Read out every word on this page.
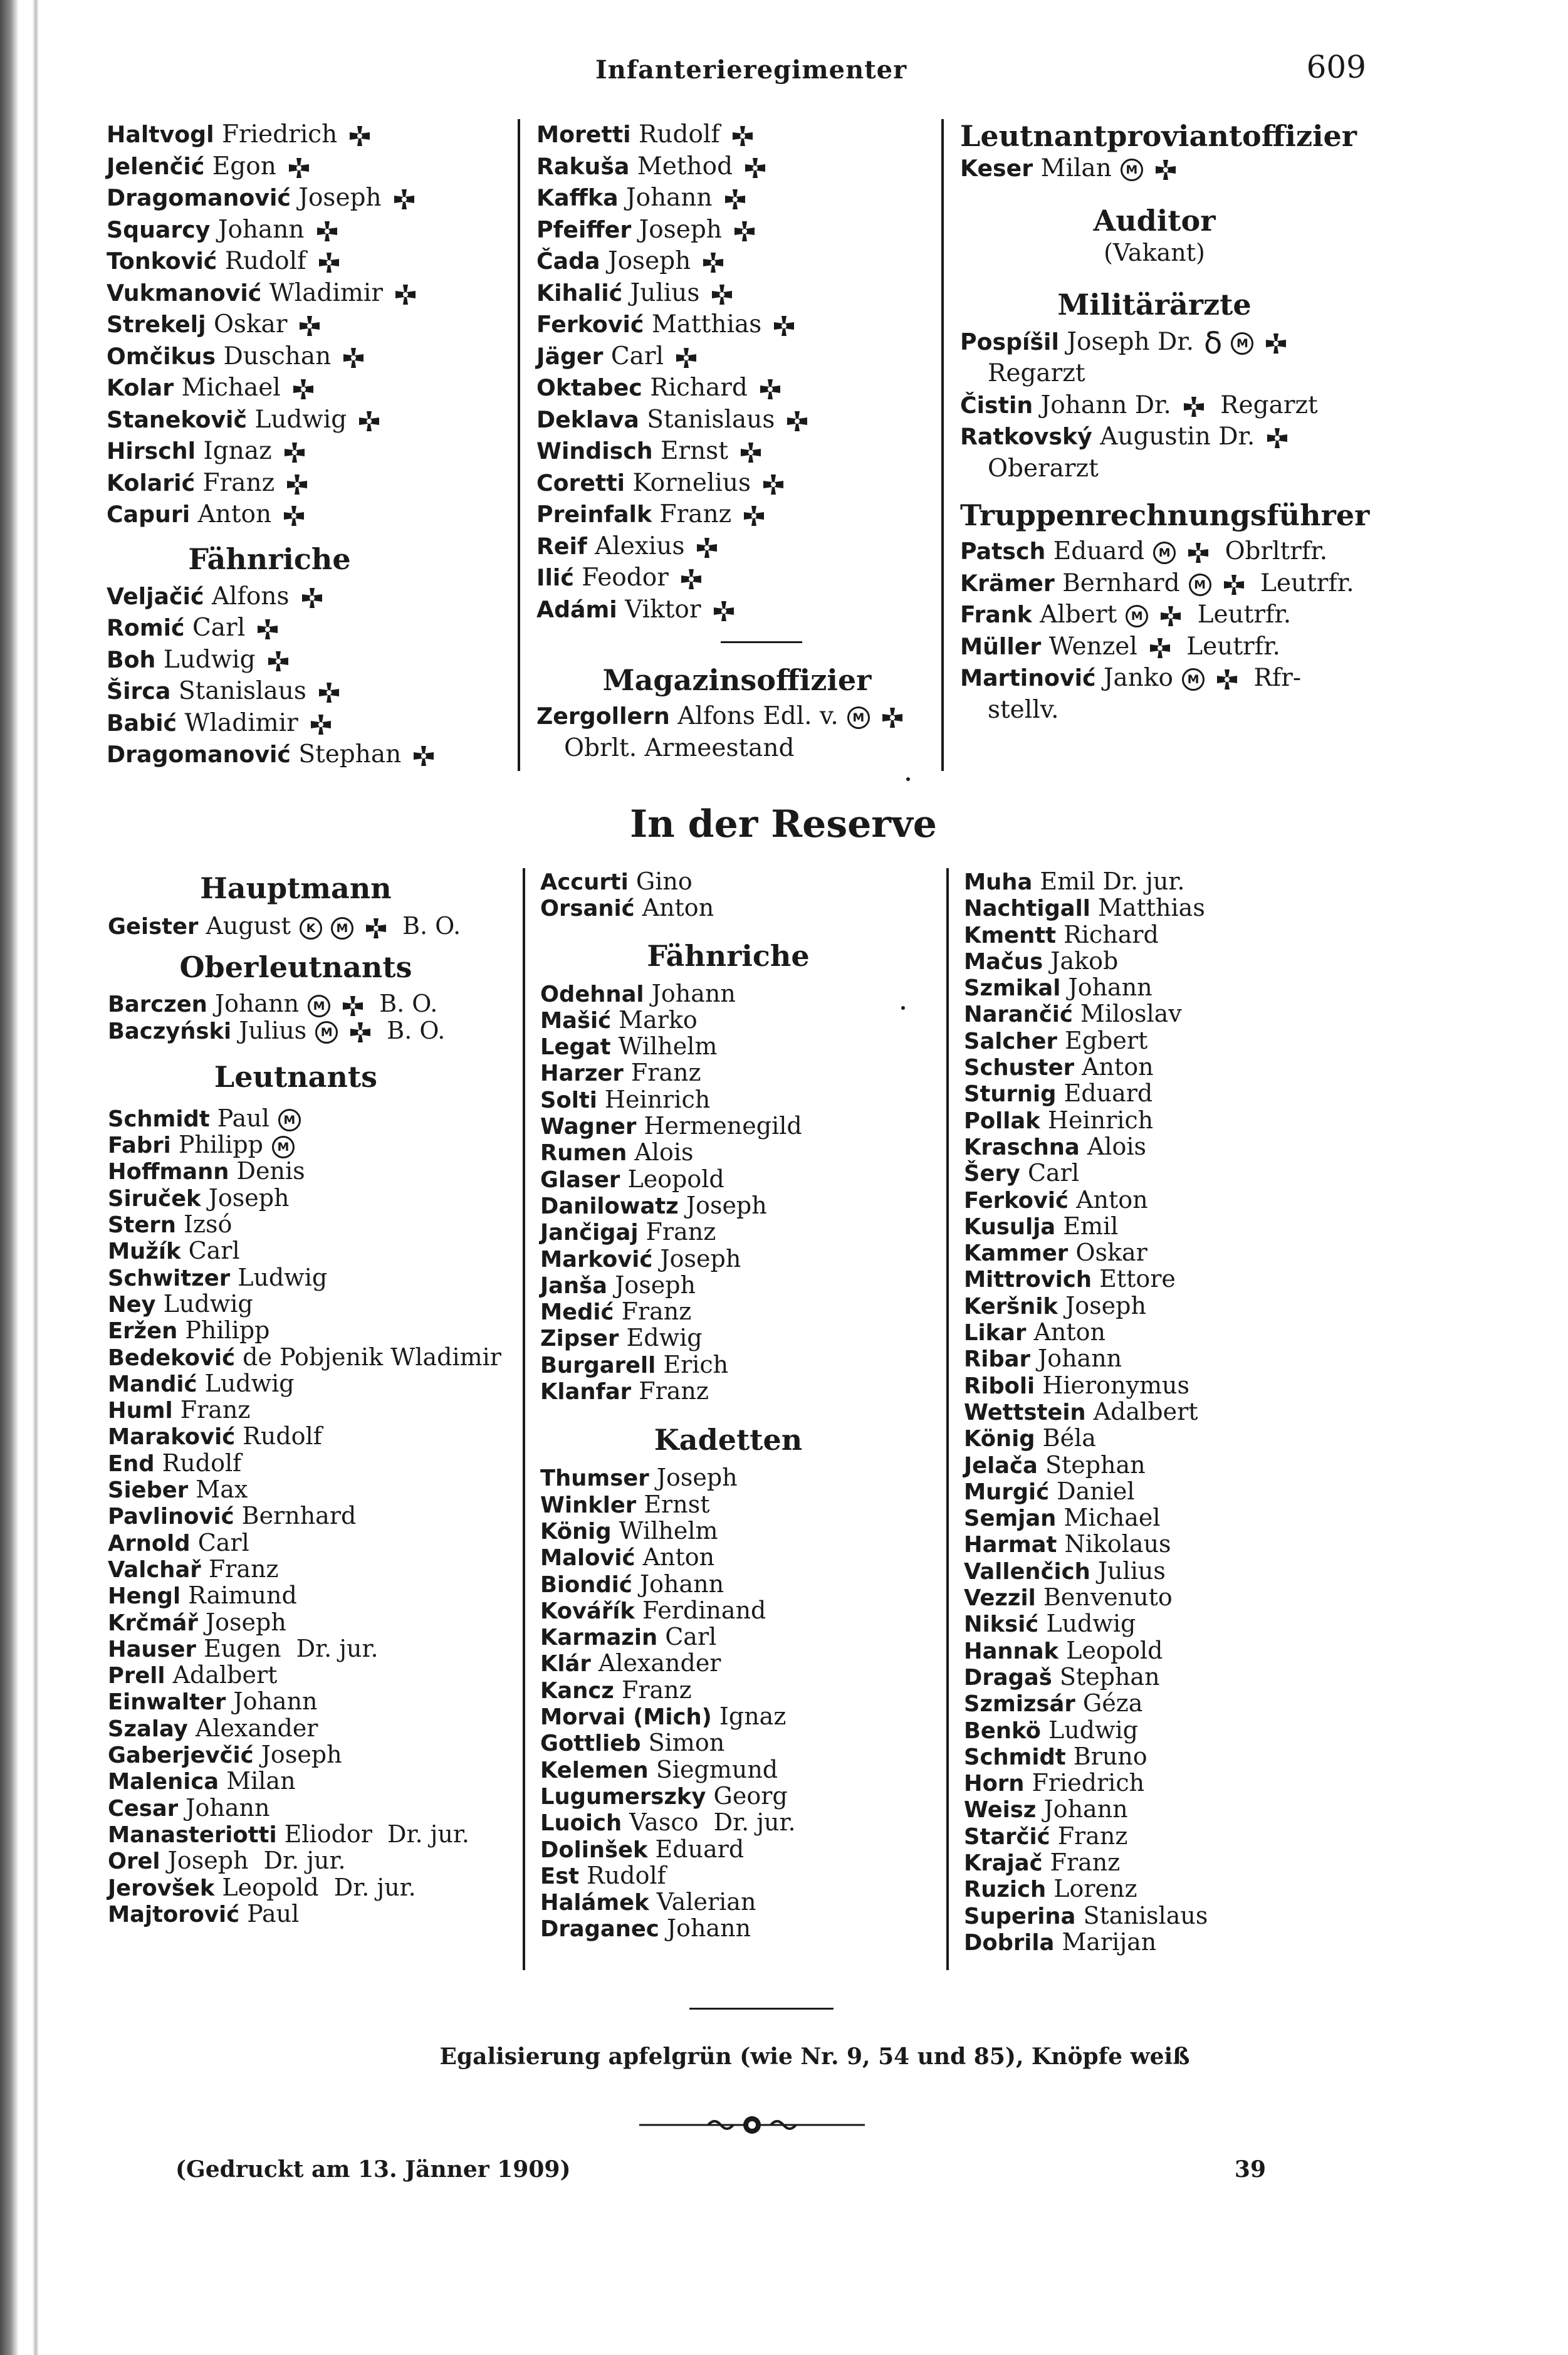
Infanterieregimenter	609
Haltvogl Friedrich
Jelenčić Egon
Dragomanović Joseph
Squarcy Johann
Tonković Rudolf
Vukmanović Wladimir
Strekelj Oskar
Omčikus Duschan
Kolar Michael
Stanekovič Ludwig
Hirschl Ignaz
Kolarić Franz
Capuri Anton
Fähnriche
Veljačić Alfons
Romić Carl
Boh Ludwig
Širca Stanislaus
Babić Wladimir
Dragomanović Stephan
Moretti Rudolf
Rakuša Method
Kaffka Johann
Pfeiffer Joseph
Čada Joseph
Kihalić Julius
Ferković Matthias
Jäger Carl
Oktabec Richard
Deklava Stanislaus
Windisch Ernst
Coretti Kornelius
Preinfalk Franz
Reif Alexius
Ilić Feodor
Adámi Viktor
Magazinsoffizier
Zergollern Alfons Edl. v. M
Obrlt. Armeestand
Leutnantproviantoffizier
Keser Milan M
Auditor
(Vakant)
Militärärzte
Pospíšil Joseph Dr. δ M
Regarzt
Čistin Johann Dr. Regarzt
Ratkovský Augustin Dr.
Oberarzt
Truppenrechnungsführer
Patsch Eduard M Obrltrfr.
Krämer Bernhard M Leutrfr.
Frank Albert M Leutrfr.
Müller Wenzel Leutrfr.
Martinović Janko M Rfr-
stellv.
In der Reserve
Hauptmann
Geister August K M B. O.
Oberleutnants
Barczen Johann M B. O.
Baczyński Julius M B. O.
Leutnants
Schmidt Paul M
Fabri Philipp M
Hoffmann Denis
Siruček Joseph
Stern Izsó
Mužík Carl
Schwitzer Ludwig
Ney Ludwig
Eržen Philipp
Bedeković de Pobjenik Wladimir
Mandić Ludwig
Huml Franz
Maraković Rudolf
End Rudolf
Sieber Max
Pavlinović Bernhard
Arnold Carl
Valchař Franz
Hengl Raimund
Krčmář Joseph
Hauser Eugen Dr. jur.
Prell Adalbert
Einwalter Johann
Szalay Alexander
Gaberjevčić Joseph
Malenica Milan
Cesar Johann
Manasteriotti Eliodor Dr. jur.
Orel Joseph Dr. jur.
Jerovšek Leopold Dr. jur.
Majtorović Paul
Accurti Gino
Orsanić Anton
Fähnriche
Odehnal Johann
Mašić Marko
Legat Wilhelm
Harzer Franz
Solti Heinrich
Wagner Hermenegild
Rumen Alois
Glaser Leopold
Danilowatz Joseph
Jančigaj Franz
Marković Joseph
Janša Joseph
Medić Franz
Zipser Edwig
Burgarell Erich
Klanfar Franz
Kadetten
Thumser Joseph
Winkler Ernst
König Wilhelm
Malović Anton
Biondić Johann
Kovářík Ferdinand
Karmazin Carl
Klár Alexander
Kancz Franz
Morvai (Mich) Ignaz
Gottlieb Simon
Kelemen Siegmund
Lugumerszky Georg
Luoich Vasco Dr. jur.
Dolinšek Eduard
Est Rudolf
Halámek Valerian
Draganec Johann
Muha Emil Dr. jur.
Nachtigall Matthias
Kmentt Richard
Mačus Jakob
Szmikal Johann
Narančić Miloslav
Salcher Egbert
Schuster Anton
Sturnig Eduard
Pollak Heinrich
Kraschna Alois
Šery Carl
Ferković Anton
Kusulja Emil
Kammer Oskar
Mittrovich Ettore
Keršnik Joseph
Likar Anton
Ribar Johann
Riboli Hieronymus
Wettstein Adalbert
König Béla
Jelača Stephan
Murgić Daniel
Semjan Michael
Harmat Nikolaus
Vallenčich Julius
Vezzil Benvenuto
Niksić Ludwig
Hannak Leopold
Dragaš Stephan
Szmizsár Géza
Benkö Ludwig
Schmidt Bruno
Horn Friedrich
Weisz Johann
Starčić Franz
Krajač Franz
Ruzich Lorenz
Superina Stanislaus
Dobrila Marijan
Egalisierung apfelgrün (wie Nr. 9, 54 und 85), Knöpfe weiß
(Gedruckt am 13. Jänner 1909)	39
